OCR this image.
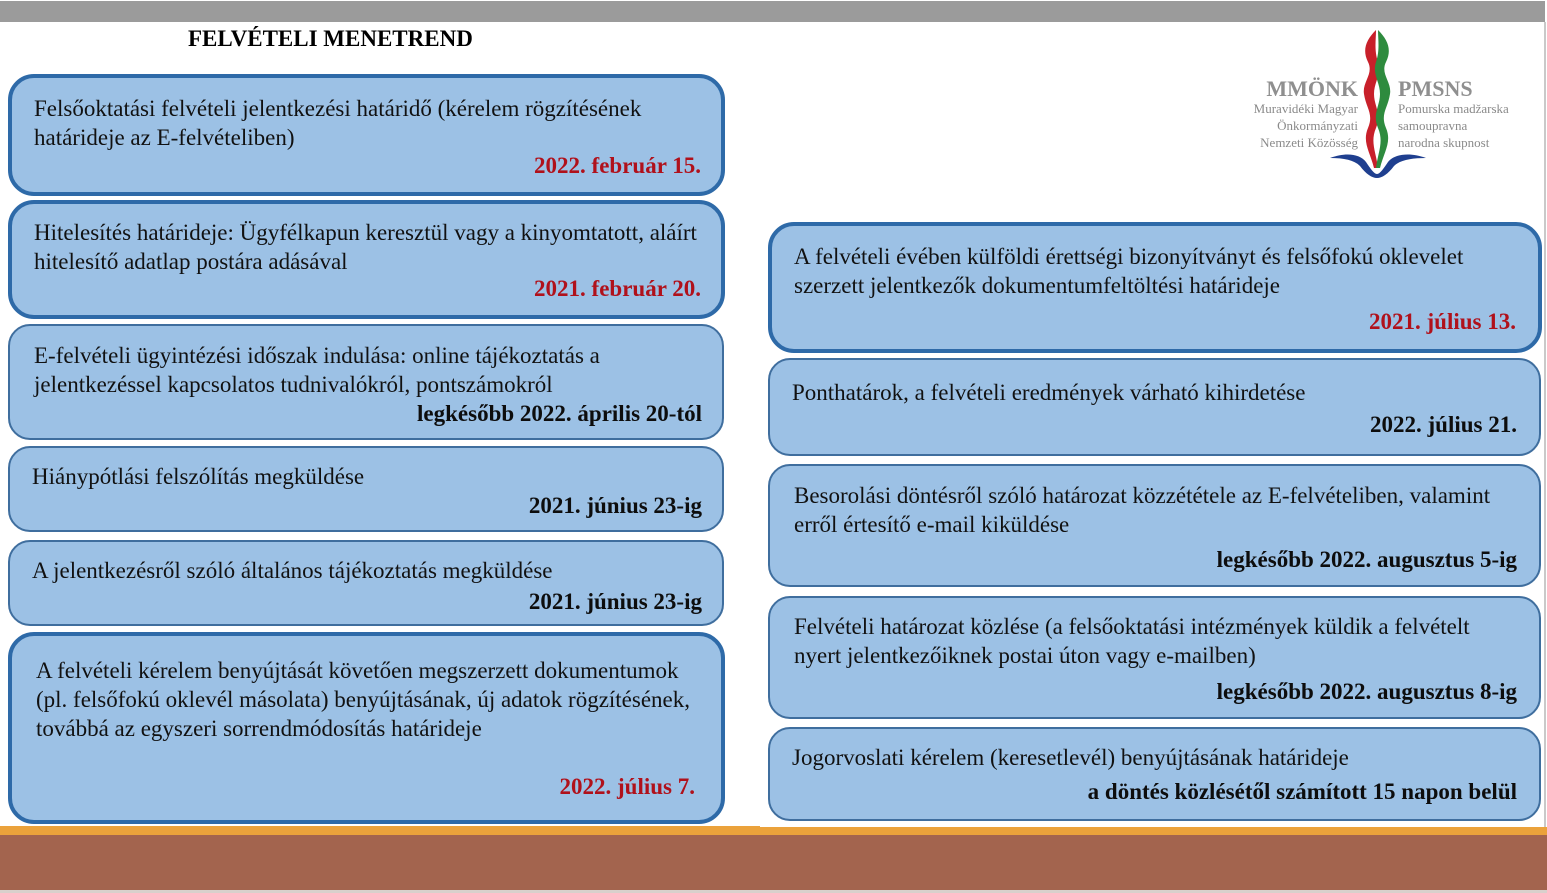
FELVÉTELI MENETREND
MMÖNK PMSNS
Muravidéki Magyar
Önkormányzati
Nemzeti Közösség
Pomurska madžarska
samoupravna
narodna skupnost
Felsőoktatási felvételi jelentkezési határidő (kérelem rögzítésének határideje az E-felvételiben)
2022. február 15.
Hitelesítés határideje: Ügyfélkapun keresztül vagy a kinyomtatott, aláírt hitelesítő adatlap postára adásával
2021. február 20.
E-felvételi ügyintézési időszak indulása: online tájékoztatás a jelentkezéssel kapcsolatos tudnivalókról, pontszámokról
legkésőbb 2022. április 20-tól
Hiánypótlási felszólítás megküldése
2021. június 23-ig
A jelentkezésről szóló általános tájékoztatás megküldése
2021. június 23-ig
A felvételi kérelem benyújtását követően megszerzett dokumentumok (pl. felsőfokú oklevél másolata) benyújtásának, új adatok rögzítésének, továbbá az egyszeri sorrendmódosítás határideje
2022. július 7.
A felvételi évében külföldi érettségi bizonyítványt és felsőfokú oklevelet szerzett jelentkezők dokumentumfeltöltési határideje
2021. július 13.
Ponthatárok, a felvételi eredmények várható kihirdetése
2022. július 21.
Besorolási döntésről szóló határozat közzététele az E-felvételiben, valamint erről értesítő e-mail kiküldése
legkésőbb 2022. augusztus 5-ig
Felvételi határozat közlése (a felsőoktatási intézmények küldik a felvételt nyert jelentkezőiknek postai úton vagy e-mailben)
legkésőbb 2022. augusztus 8-ig
Jogorvoslati kérelem (keresetlevél) benyújtásának határideje
a döntés közlésétől számított 15 napon belül
